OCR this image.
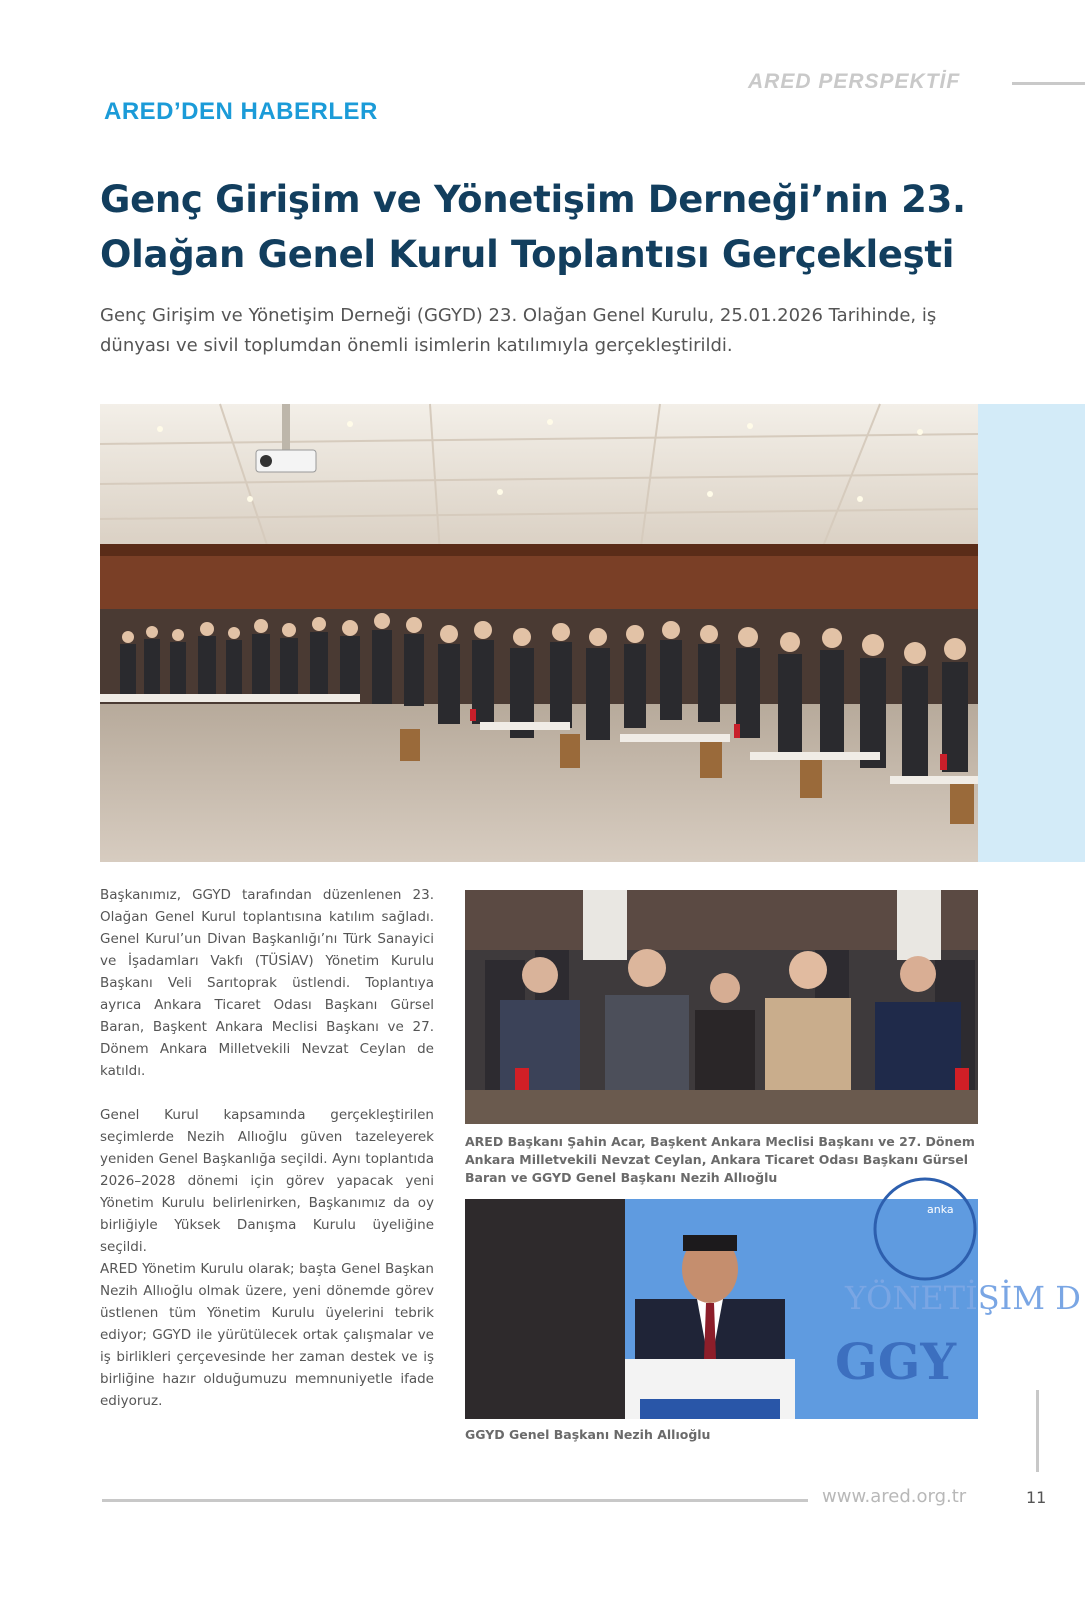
ARED PERSPEKTİF
ARED’DEN HABERLER
Genç Girişim ve Yönetişim Derneği’nin 23.
Olağan Genel Kurul Toplantısı Gerçekleşti

Genç Girişim ve Yönetişim Derneği (GGYD) 23. Olağan Genel Kurulu, 25.01.2026 Tarihinde, iş dünyası ve sivil toplumdan önemli isimlerin katılımıyla gerçekleştirildi.

Başkanımız, GGYD tarafından düzenlenen 23. Olağan Genel Kurul toplantısına katılım sağladı. Genel Kurul’un Divan Başkanlığı’nı Türk Sanayici ve İşadamları Vakfı (TÜSİAV) Yönetim Kurulu Başkanı Veli Sarıtoprak üstlendi. Toplantıya ayrıca Ankara Ticaret Odası Başkanı Gürsel Baran, Başkent Ankara Meclisi Başkanı ve 27. Dönem Ankara Milletvekili Nevzat Ceylan de katıldı.

Genel Kurul kapsamında gerçekleştirilen seçimlerde Nezih Allıoğlu güven tazeleyerek yeniden Genel Başkanlığa seçildi. Aynı toplantıda 2026–2028 dönemi için görev yapacak yeni Yönetim Kurulu belirlenirken, Başkanımız da oy birliğiyle Yüksek Danışma Kurulu üyeliğine seçildi.

ARED Yönetim Kurulu olarak; başta Genel Başkan Nezih Allıoğlu olmak üzere, yeni dönemde görev üstlenen tüm Yönetim Kurulu üyelerini tebrik ediyor; GGYD ile yürütülecek ortak çalışmalar ve iş birlikleri çerçevesinde her zaman destek ve iş birliğine hazır olduğumuzu memnuniyetle ifade ediyoruz.

ARED Başkanı Şahin Acar, Başkent Ankara Meclisi Başkanı ve 27. Dönem Ankara Milletvekili Nevzat Ceylan, Ankara Ticaret Odası Başkanı Gürsel Baran ve GGYD Genel Başkanı Nezih Allıoğlu

YÖNETİŞİM D
GGY
anka

GGYD Genel Başkanı Nezih Allıoğlu

www.ared.org.tr	11
